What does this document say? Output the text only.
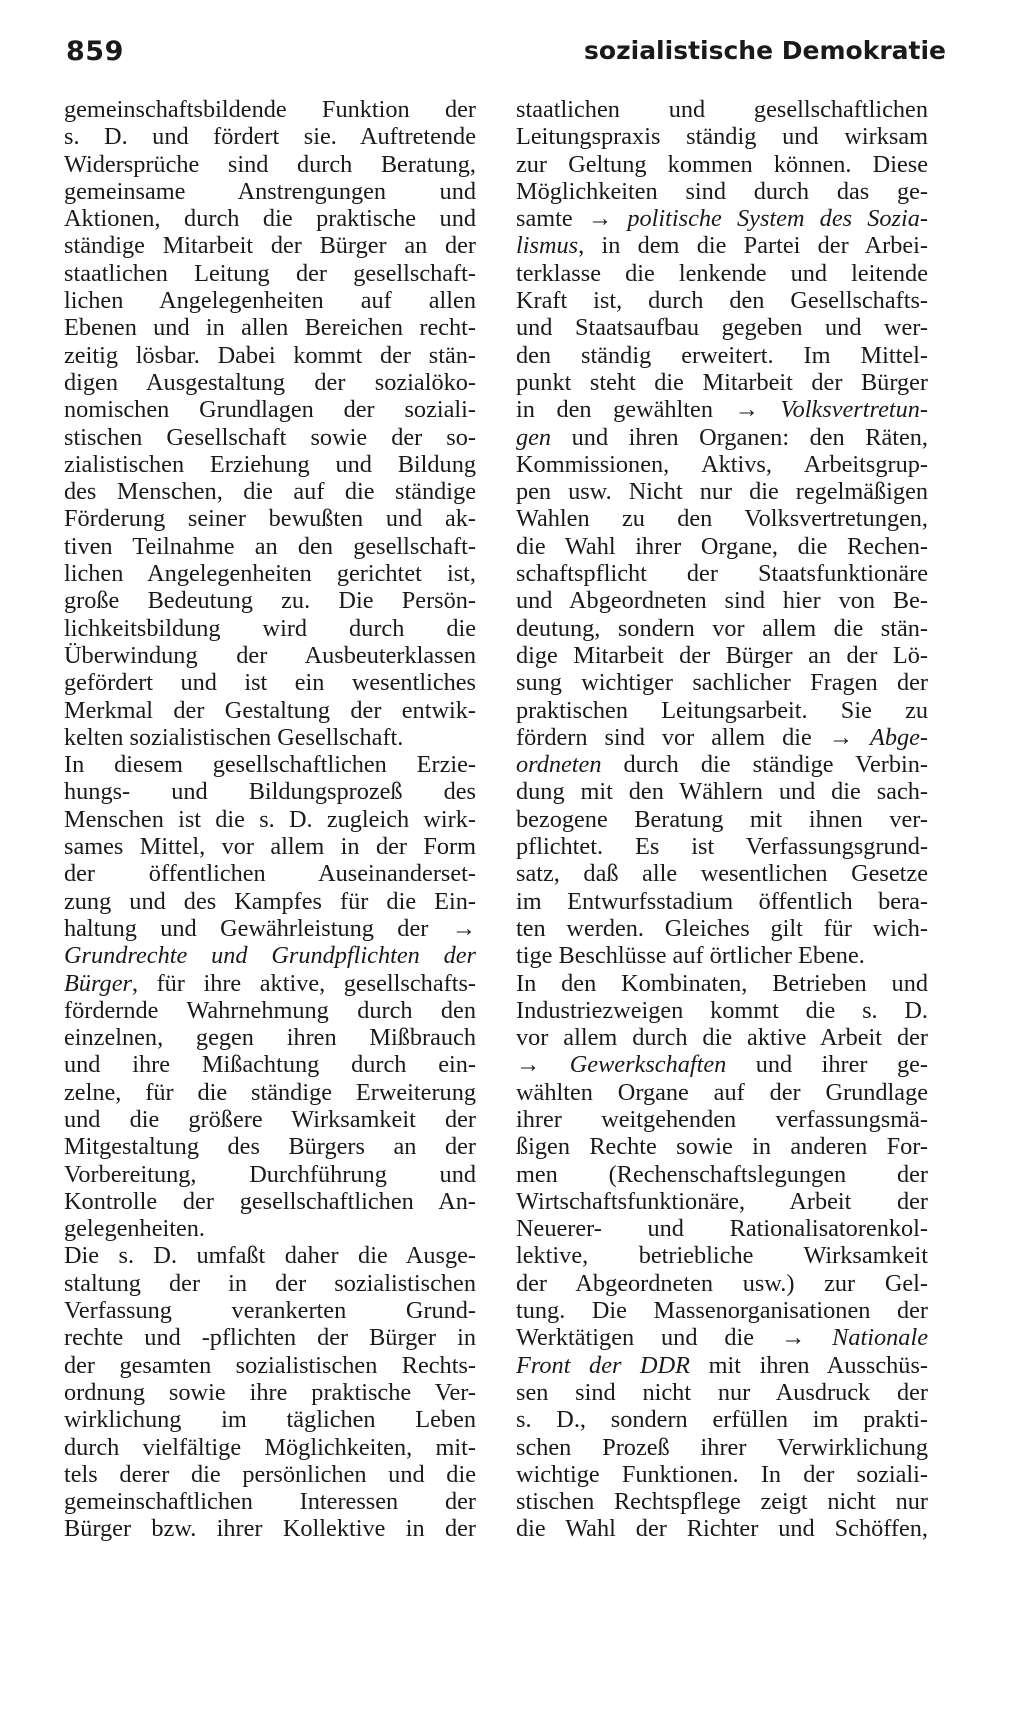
859	sozialistische Demokratie
gemeinschaftsbildende Funktion der
s. D. und fördert sie. Auftretende
Widersprüche sind durch Beratung,
gemeinsame Anstrengungen und
Aktionen, durch die praktische und
ständige Mitarbeit der Bürger an der
staatlichen Leitung der gesellschaft-
lichen Angelegenheiten auf allen
Ebenen und in allen Bereichen recht-
zeitig lösbar. Dabei kommt der stän-
digen Ausgestaltung der sozialöko-
nomischen Grundlagen der soziali-
stischen Gesellschaft sowie der so-
zialistischen Erziehung und Bildung
des Menschen, die auf die ständige
Förderung seiner bewußten und ak-
tiven Teilnahme an den gesellschaft-
lichen Angelegenheiten gerichtet ist,
große Bedeutung zu. Die Persön-
lichkeitsbildung wird durch die
Überwindung der Ausbeuterklassen
gefördert und ist ein wesentliches
Merkmal der Gestaltung der entwik-
kelten sozialistischen Gesellschaft.
In diesem gesellschaftlichen Erzie-
hungs- und Bildungsprozeß des
Menschen ist die s. D. zugleich wirk-
sames Mittel, vor allem in der Form
der öffentlichen Auseinanderset-
zung und des Kampfes für die Ein-
haltung und Gewährleistung der →
Grundrechte und Grundpflichten der
Bürger, für ihre aktive, gesellschafts-
fördernde Wahrnehmung durch den
einzelnen, gegen ihren Mißbrauch
und ihre Mißachtung durch ein-
zelne, für die ständige Erweiterung
und die größere Wirksamkeit der
Mitgestaltung des Bürgers an der
Vorbereitung, Durchführung und
Kontrolle der gesellschaftlichen An-
gelegenheiten.
Die s. D. umfaßt daher die Ausge-
staltung der in der sozialistischen
Verfassung verankerten Grund-
rechte und -pflichten der Bürger in
der gesamten sozialistischen Rechts-
ordnung sowie ihre praktische Ver-
wirklichung im täglichen Leben
durch vielfältige Möglichkeiten, mit-
tels derer die persönlichen und die
gemeinschaftlichen Interessen der
Bürger bzw. ihrer Kollektive in der
staatlichen und gesellschaftlichen
Leitungspraxis ständig und wirksam
zur Geltung kommen können. Diese
Möglichkeiten sind durch das ge-
samte → politische System des Sozia-
lismus, in dem die Partei der Arbei-
terklasse die lenkende und leitende
Kraft ist, durch den Gesellschafts-
und Staatsaufbau gegeben und wer-
den ständig erweitert. Im Mittel-
punkt steht die Mitarbeit der Bürger
in den gewählten → Volksvertretun-
gen und ihren Organen: den Räten,
Kommissionen, Aktivs, Arbeitsgrup-
pen usw. Nicht nur die regelmäßigen
Wahlen zu den Volksvertretungen,
die Wahl ihrer Organe, die Rechen-
schaftspflicht der Staatsfunktionäre
und Abgeordneten sind hier von Be-
deutung, sondern vor allem die stän-
dige Mitarbeit der Bürger an der Lö-
sung wichtiger sachlicher Fragen der
praktischen Leitungsarbeit. Sie zu
fördern sind vor allem die → Abge-
ordneten durch die ständige Verbin-
dung mit den Wählern und die sach-
bezogene Beratung mit ihnen ver-
pflichtet. Es ist Verfassungsgrund-
satz, daß alle wesentlichen Gesetze
im Entwurfsstadium öffentlich bera-
ten werden. Gleiches gilt für wich-
tige Beschlüsse auf örtlicher Ebene.
In den Kombinaten, Betrieben und
Industriezweigen kommt die s. D.
vor allem durch die aktive Arbeit der
→ Gewerkschaften und ihrer ge-
wählten Organe auf der Grundlage
ihrer weitgehenden verfassungsmä-
ßigen Rechte sowie in anderen For-
men (Rechenschaftslegungen der
Wirtschaftsfunktionäre, Arbeit der
Neuerer- und Rationalisatorenkol-
lektive, betriebliche Wirksamkeit
der Abgeordneten usw.) zur Gel-
tung. Die Massenorganisationen der
Werktätigen und die → Nationale
Front der DDR mit ihren Ausschüs-
sen sind nicht nur Ausdruck der
s. D., sondern erfüllen im prakti-
schen Prozeß ihrer Verwirklichung
wichtige Funktionen. In der soziali-
stischen Rechtspflege zeigt nicht nur
die Wahl der Richter und Schöffen,
